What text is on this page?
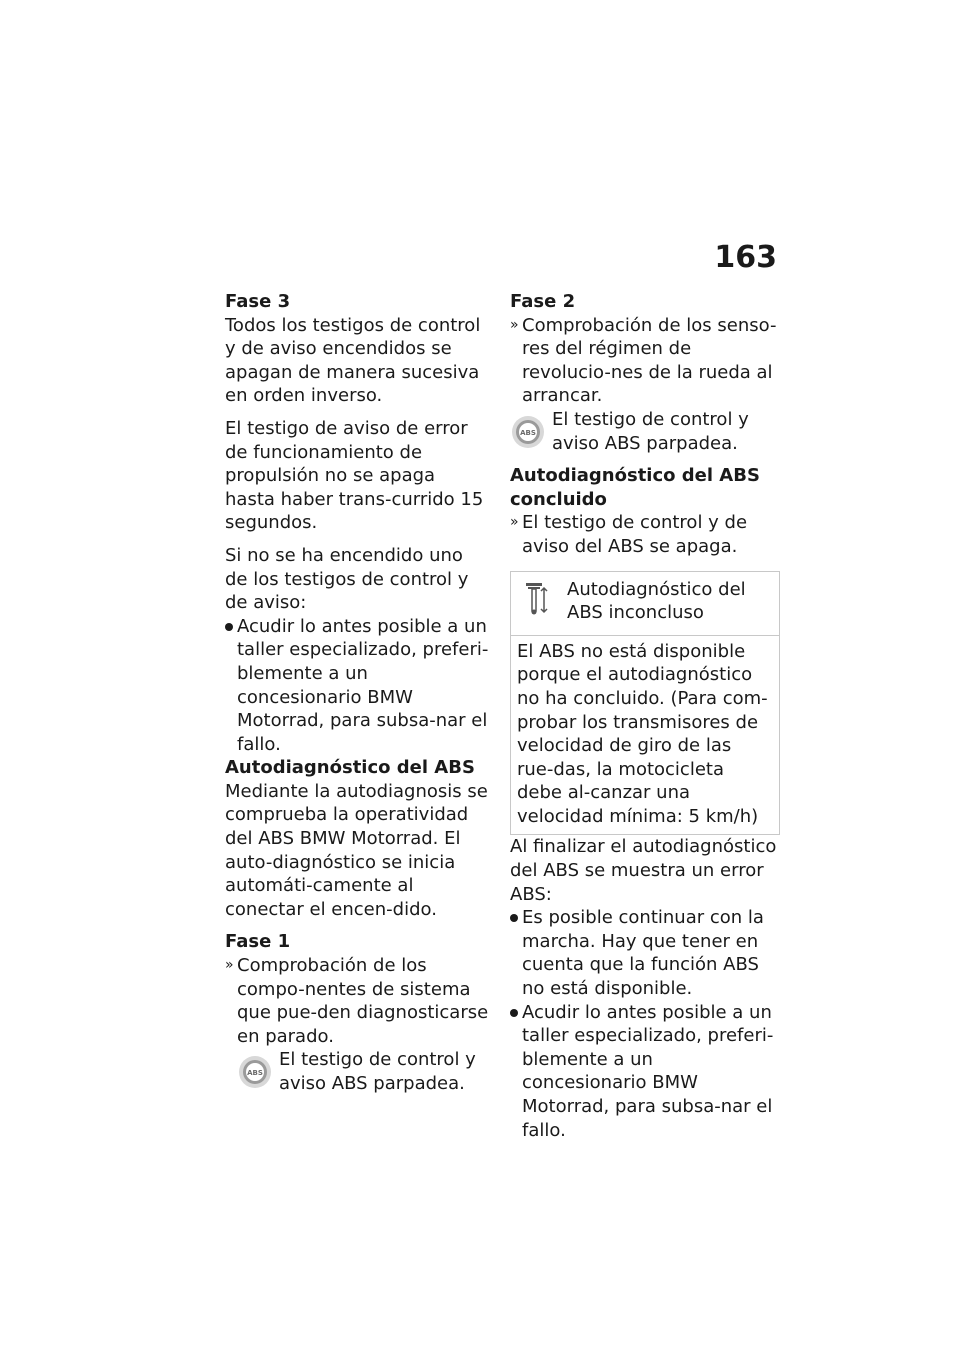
163
Fase 3

Todos los testigos de control y de aviso encendidos se apagan de manera sucesiva en orden inverso.

El testigo de aviso de error de funcionamiento de propulsión no se apaga hasta haber trans-currido 15 segundos.

Si no se ha encendido uno de los testigos de control y de aviso:

Acudir lo antes posible a un taller especializado, preferi-blemente a un concesionario BMW Motorrad, para subsa-nar el fallo.
Autodiagnóstico del ABS

Mediante la autodiagnosis se comprueba la operatividad del ABS BMW Motorrad. El auto-diagnóstico se inicia automáti-camente al conectar el encen-dido.

Fase 1
» Comprobación de los compo-nentes de sistema que pue-den diagnosticarse en parado.
ABS
El testigo de control y aviso ABS parpadea.
Fase 2
» Comprobación de los senso-res del régimen de revolucio-nes de la rueda al arrancar.
ABS
El testigo de control y aviso ABS parpadea.
Autodiagnóstico del ABS concluido
» El testigo de control y de aviso del ABS se apaga.
Autodiagnóstico del ABS inconcluso
El ABS no está disponible porque el autodiagnóstico no ha concluido. (Para com-probar los transmisores de velocidad de giro de las rue-das, la motocicleta debe al-canzar una velocidad mínima: 5 km/h)

Al finalizar el autodiagnóstico del ABS se muestra un error ABS:

Es posible continuar con la marcha. Hay que tener en cuenta que la función ABS no está disponible.
Acudir lo antes posible a un taller especializado, preferi-blemente a un concesionario BMW Motorrad, para subsa-nar el fallo.
